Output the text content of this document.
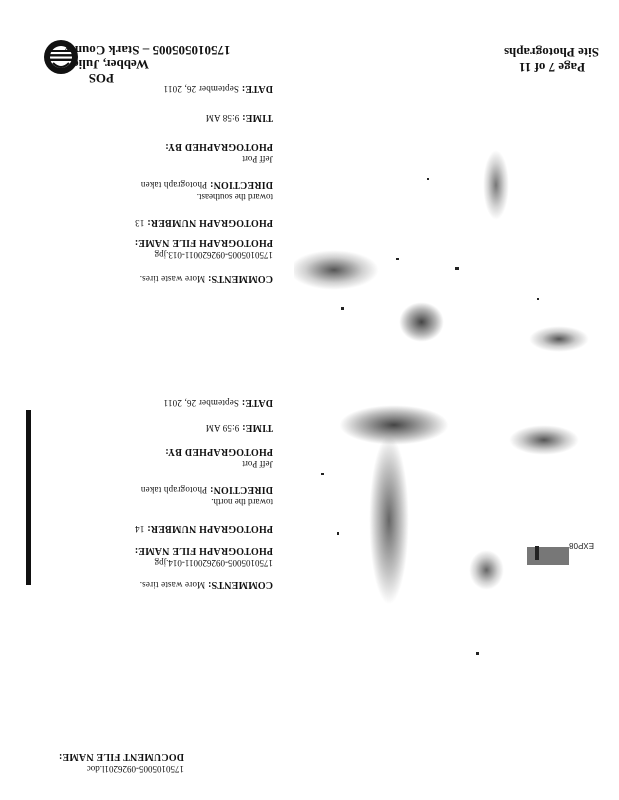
175010505005 – Stark County
Webber, Julie
POS
Site Photographs
Page 7 of 11
DATE: September 26, 2011
TIME: 9:58 AM
PHOTOGRAPHED BY:
Jeff Port
DIRECTION: Photograph taken
toward the southeast.
PHOTOGRAPH NUMBER: 13
PHOTOGRAPH FILE NAME:
1750105005-092620011-013.jpg
COMMENTS: More waste tires.
EXP08
DATE: September 26, 2011
TIME: 9:59 AM
PHOTOGRAPHED BY:
Jeff Port
DIRECTION: Photograph taken
toward the north.
PHOTOGRAPH NUMBER: 14
PHOTOGRAPH FILE NAME:
1750105005-092620011-014.jpg
COMMENTS: More waste tires.
DOCUMENT FILE NAME:
1750105005-0926201l.doc
